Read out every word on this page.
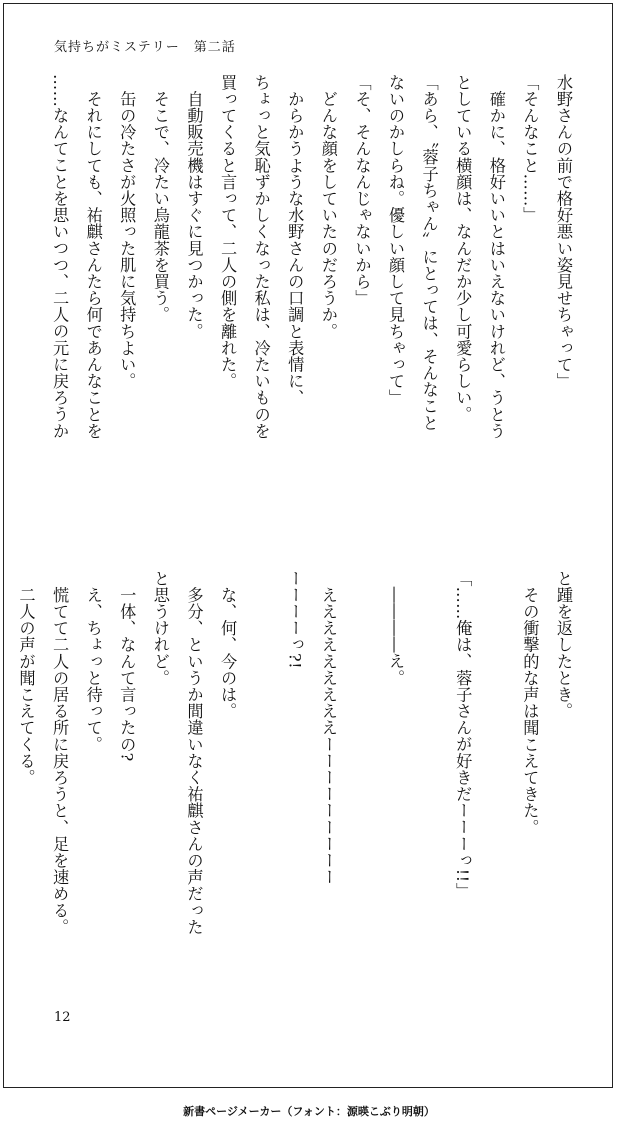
気持ちがミステリー 第二話
水野さんの前で格好悪い姿見せちゃって」
「そんなこと……」
　確かに、格好いいとはいえないけれど、うとう
としている横顔は、なんだか少し可愛らしい。
「あら、〝蓉子ちゃん〟にとっては、そんなこと
ないのかしらね。優しい顔して見ちゃって」
「そ、そんなんじゃないから」
　どんな顔をしていたのだろうか。
　からかうような水野さんの口調と表情に、
ちょっと気恥ずかしくなった私は、冷たいものを
買ってくると言って、二人の側を離れた。
　自動販売機はすぐに見つかった。
　そこで、冷たい烏龍茶を買う。
　缶の冷たさが火照った肌に気持ちよい。
　それにしても、祐麒さんたら何であんなことを
……なんてことを思いつつ、二人の元に戻ろうか
と踵を返したとき。
　その衝撃的な声は聞こえてきた。

「……俺は、蓉子さんが好きだーーーっ!!」

　――――え。

　えええええええええーーーーーーーーー
ーーーーっ?!

　な、何、今のは。
　多分、というか間違いなく祐麒さんの声だった
と思うけれど。
　一体、なんて言ったの?
　え、ちょっと待って。
　慌てて二人の居る所に戻ろうと、足を速める。
　二人の声が聞こえてくる。
12
新書ページメーカー（フォント：源暎こぶり明朝）
